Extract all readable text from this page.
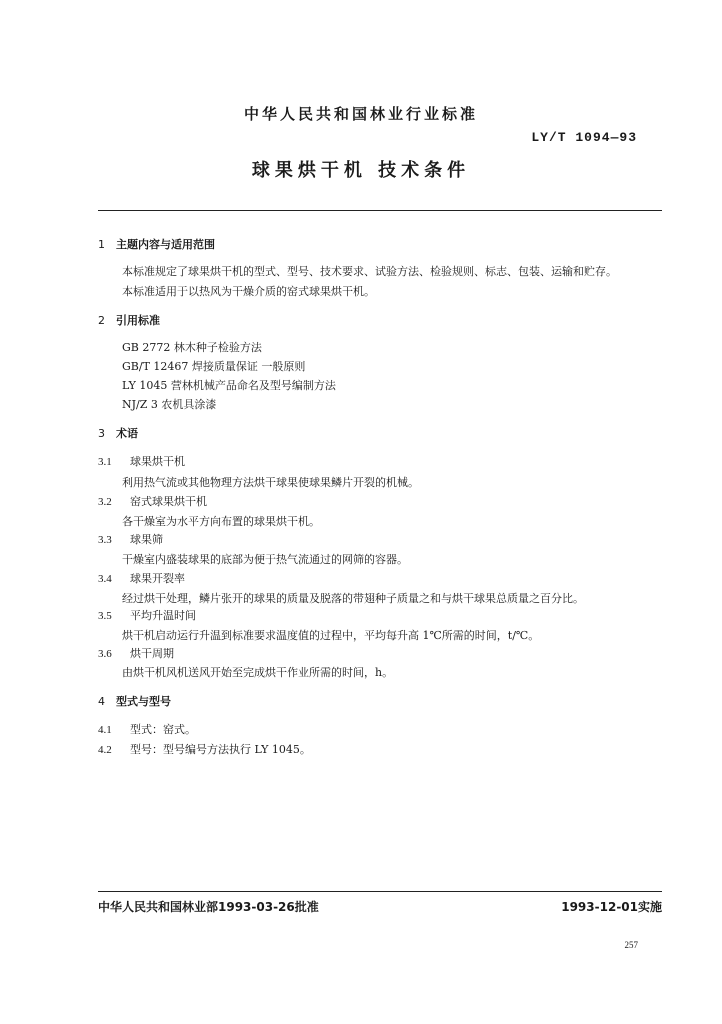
中华人民共和国林业行业标准
LY/T 1094—93
球果烘干机 技术条件
1 主题内容与适用范围
本标准规定了球果烘干机的型式、型号、技术要求、试验方法、检验规则、标志、包装、运输和贮存。
本标准适用于以热风为干燥介质的窑式球果烘干机。
2 引用标准
GB 2772 林木种子检验方法
GB/T 12467 焊接质量保证 一般原则
LY 1045 营林机械产品命名及型号编制方法
NJ/Z 3 农机具涂漆
3 术语
3.1 球果烘干机
利用热气流或其他物理方法烘干球果使球果鳞片开裂的机械。
3.2 窑式球果烘干机
各干燥室为水平方向布置的球果烘干机。
3.3 球果筛
干燥室内盛装球果的底部为便于热气流通过的网筛的容器。
3.4 球果开裂率
经过烘干处理，鳞片张开的球果的质量及脱落的带翅种子质量之和与烘干球果总质量之百分比。
3.5 平均升温时间
烘干机启动运行升温到标准要求温度值的过程中，平均每升高 1℃所需的时间，t/℃。
3.6 烘干周期
由烘干机风机送风开始至完成烘干作业所需的时间，h。
4 型式与型号
4.1 型式：窑式。
4.2 型号：型号编号方法执行 LY 1045。
中华人民共和国林业部1993-03-26批准	1993-12-01实施
257
